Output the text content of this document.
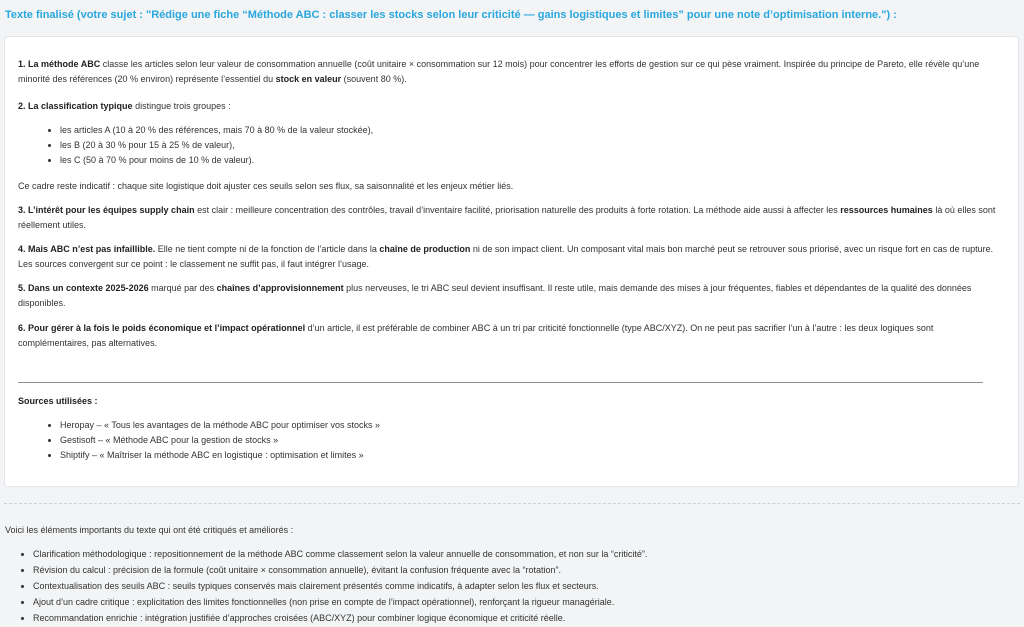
Texte finalisé (votre sujet : "Rédige une fiche “Méthode ABC : classer les stocks selon leur criticité — gains logistiques et limites” pour une note d’optimisation interne.") :

1. La méthode ABC classe les articles selon leur valeur de consommation annuelle (coût unitaire × consommation sur 12 mois) pour concentrer les efforts de gestion sur ce qui pèse vraiment. Inspirée du principe de Pareto, elle révèle qu’une minorité des références (20 % environ) représente l’essentiel du stock en valeur (souvent 80 %).

2. La classification typique distingue trois groupes :

• les articles A (10 à 20 % des références, mais 70 à 80 % de la valeur stockée),
• les B (20 à 30 % pour 15 à 25 % de valeur),
• les C (50 à 70 % pour moins de 10 % de valeur).

Ce cadre reste indicatif : chaque site logistique doit ajuster ces seuils selon ses flux, sa saisonnalité et les enjeux métier liés.

3. L’intérêt pour les équipes supply chain est clair : meilleure concentration des contrôles, travail d’inventaire facilité, priorisation naturelle des produits à forte rotation. La méthode aide aussi à affecter les ressources humaines là où elles sont réellement utiles.

4. Mais ABC n’est pas infaillible. Elle ne tient compte ni de la fonction de l’article dans la chaîne de production ni de son impact client. Un composant vital mais bon marché peut se retrouver sous priorisé, avec un risque fort en cas de rupture. Les sources convergent sur ce point : le classement ne suffit pas, il faut intégrer l’usage.

5. Dans un contexte 2025-2026 marqué par des chaînes d’approvisionnement plus nerveuses, le tri ABC seul devient insuffisant. Il reste utile, mais demande des mises à jour fréquentes, fiables et dépendantes de la qualité des données disponibles.

6. Pour gérer à la fois le poids économique et l’impact opérationnel d’un article, il est préférable de combiner ABC à un tri par criticité fonctionnelle (type ABC/XYZ). On ne peut pas sacrifier l’un à l’autre : les deux logiques sont complémentaires, pas alternatives.

Sources utilisées :
• Heropay – « Tous les avantages de la méthode ABC pour optimiser vos stocks »
• Gestisoft – « Méthode ABC pour la gestion de stocks »
• Shiptify – « Maîtriser la méthode ABC en logistique : optimisation et limites »

Voici les éléments importants du texte qui ont été critiqués et améliorés :

• Clarification méthodologique : repositionnement de la méthode ABC comme classement selon la valeur annuelle de consommation, et non sur la “criticité”.
• Révision du calcul : précision de la formule (coût unitaire × consommation annuelle), évitant la confusion fréquente avec la “rotation”.
• Contextualisation des seuils ABC : seuils typiques conservés mais clairement présentés comme indicatifs, à adapter selon les flux et secteurs.
• Ajout d’un cadre critique : explicitation des limites fonctionnelles (non prise en compte de l’impact opérationnel), renforçant la rigueur managériale.
• Recommandation enrichie : intégration justifiée d’approches croisées (ABC/XYZ) pour combiner logique économique et criticité réelle.
